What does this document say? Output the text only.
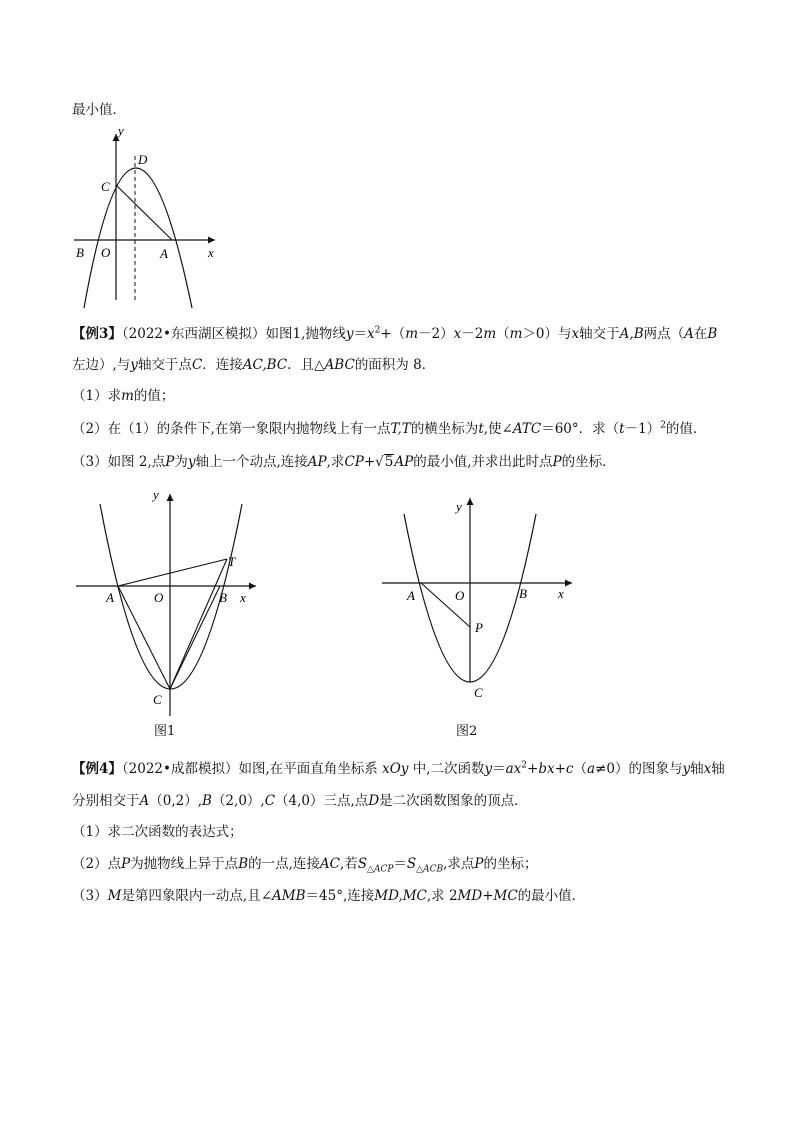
最小值．
y
x
D
C
B O	A
【例3】（2022•东西湖区模拟）如图1,抛物线$y=x^2+(m-2)x-2m(m>0)$与x轴交于A,B两点（A在B
左边）,与y轴交于点C．连接AC,BC．且△ABC的面积为 8．
（1）求m的值；
（2）在（1）的条件下,在第一象限内抛物线上有一点T,T的横坐标为t,使∠ATC＝60°．求$(t-1)^2$的值．
（3）如图 2,点P为y轴上一个动点,连接AP,求CP+√5AP的最小值,并求出此时点P的坐标．
y
T
A	O	B x
C
图1
y
A	O	B x
P
C
图2
【例4】（2022•成都模拟）如图,在平面直角坐标系 xOy 中,二次函数$y=ax^2+bx+c(a\ne 0)$的图象与y轴x轴
分别相交于A（0,2）,B（2,0）,C（4,0）三点,点D是二次函数图象的顶点．
（1）求二次函数的表达式；
（2）点P为抛物线上异于点B的一点,连接AC,若$S_{\triangle ACP}=S_{\triangle ACB}$,求点P的坐标；
（3）M是第四象限内一动点,且∠AMB＝45°,连接MD,MC,求 2MD+MC的最小值．
